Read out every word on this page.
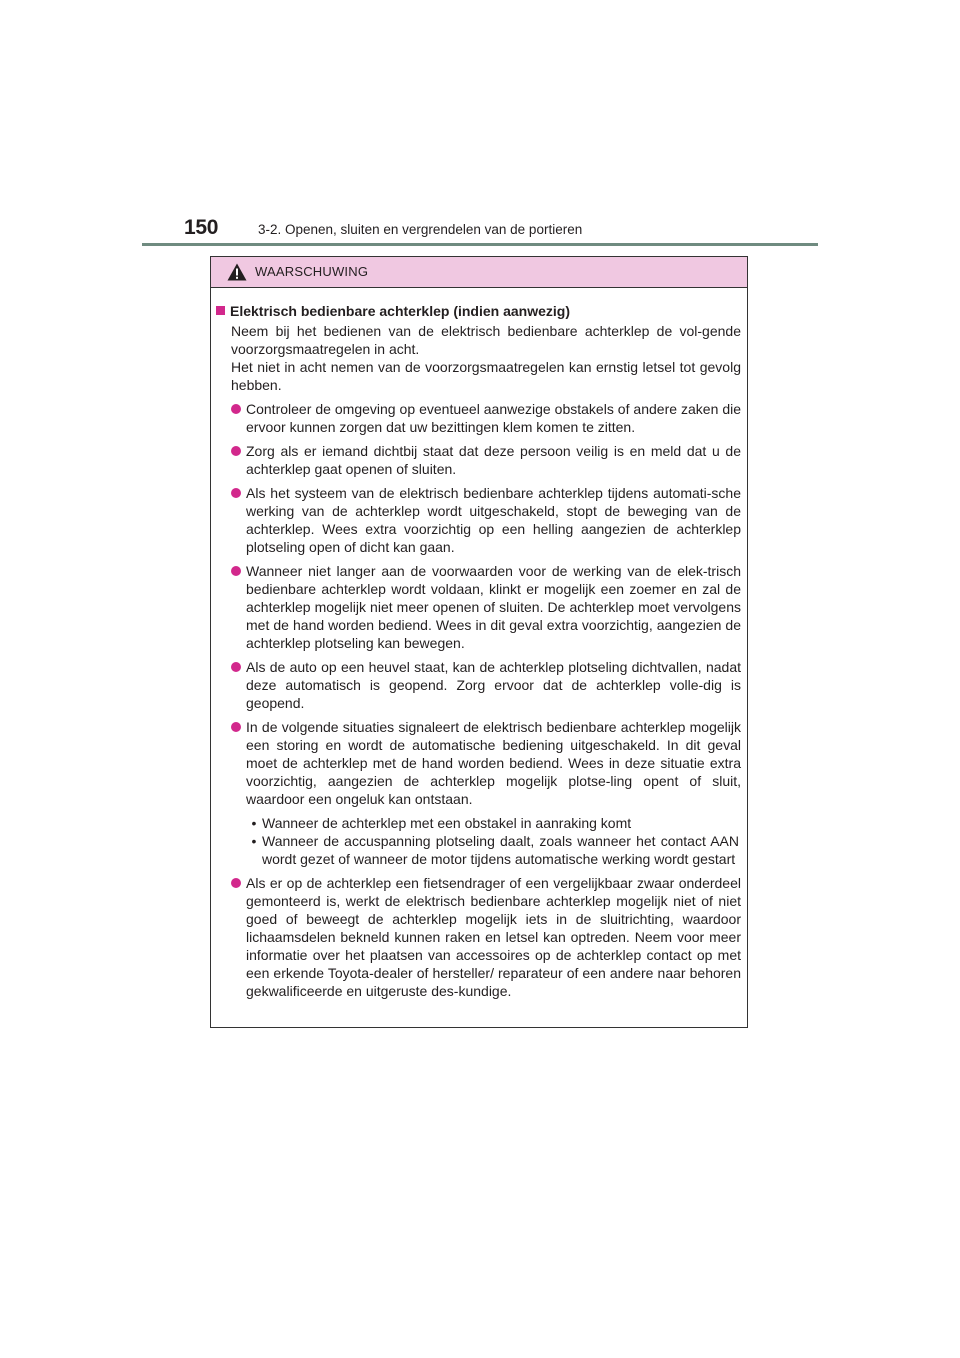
150	3-2. Openen, sluiten en vergrendelen van de portieren
WAARSCHUWING
Elektrisch bedienbare achterklep (indien aanwezig)

Neem bij het bedienen van de elektrisch bedienbare achterklep de vol-gende voorzorgsmaatregelen in acht.

Het niet in acht nemen van de voorzorgsmaatregelen kan ernstig letsel tot gevolg hebben.

Controleer de omgeving op eventueel aanwezige obstakels of andere zaken die ervoor kunnen zorgen dat uw bezittingen klem komen te zitten.
Zorg als er iemand dichtbij staat dat deze persoon veilig is en meld dat u de achterklep gaat openen of sluiten.
Als het systeem van de elektrisch bedienbare achterklep tijdens automati-sche werking van de achterklep wordt uitgeschakeld, stopt de beweging van de achterklep. Wees extra voorzichtig op een helling aangezien de achterklep plotseling open of dicht kan gaan.
Wanneer niet langer aan de voorwaarden voor de werking van de elek-trisch bedienbare achterklep wordt voldaan, klinkt er mogelijk een zoemer en zal de achterklep mogelijk niet meer openen of sluiten. De achterklep moet vervolgens met de hand worden bediend. Wees in dit geval extra voorzichtig, aangezien de achterklep plotseling kan bewegen.
Als de auto op een heuvel staat, kan de achterklep plotseling dichtvallen, nadat deze automatisch is geopend. Zorg ervoor dat de achterklep volle-dig is geopend.
In de volgende situaties signaleert de elektrisch bedienbare achterklep mogelijk een storing en wordt de automatische bediening uitgeschakeld. In dit geval moet de achterklep met de hand worden bediend. Wees in deze situatie extra voorzichtig, aangezien de achterklep mogelijk plotse-ling opent of sluit, waardoor een ongeluk kan ontstaan.
• Wanneer de achterklep met een obstakel in aanraking komt
• Wanneer de accuspanning plotseling daalt, zoals wanneer het contact AAN wordt gezet of wanneer de motor tijdens automatische werking wordt gestart
Als er op de achterklep een fietsendrager of een vergelijkbaar zwaar onderdeel gemonteerd is, werkt de elektrisch bedienbare achterklep mogelijk niet of niet goed of beweegt de achterklep mogelijk iets in de sluitrichting, waardoor lichaamsdelen bekneld kunnen raken en letsel kan optreden. Neem voor meer informatie over het plaatsen van accessoires op de achterklep contact op met een erkende Toyota-dealer of hersteller/ reparateur of een andere naar behoren gekwalificeerde en uitgeruste des-kundige.
